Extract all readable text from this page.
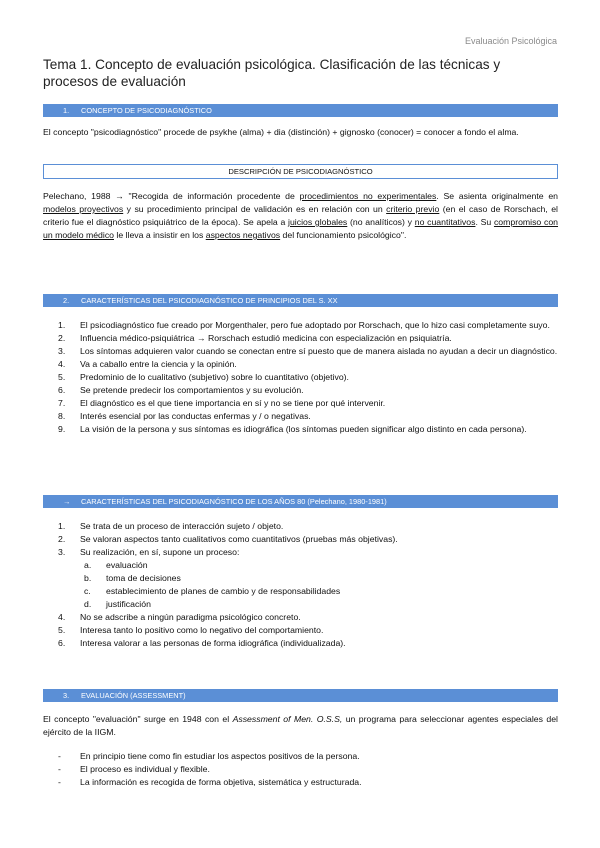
Evaluación Psicológica
Tema 1. Concepto de evaluación psicológica. Clasificación de las técnicas y procesos de evaluación
1. CONCEPTO DE PSICODIAGNÓSTICO
El concepto "psicodiagnóstico" procede de psykhe (alma) + dia (distinción) + gignosko (conocer) = conocer a fondo el alma.
DESCRIPCIÓN DE PSICODIAGNÓSTICO
Pelechano, 1988 → "Recogida de información procedente de procedimientos no experimentales. Se asienta originalmente en modelos proyectivos y su procedimiento principal de validación es en relación con un criterio previo (en el caso de Rorschach, el criterio fue el diagnóstico psiquiátrico de la época). Se apela a juicios globales (no analíticos) y no cuantitativos. Su compromiso con un modelo médico le lleva a insistir en los aspectos negativos del funcionamiento psicológico".
2. CARACTERÍSTICAS DEL PSICODIAGNÓSTICO DE PRINCIPIOS DEL S. XX
1. El psicodiagnóstico fue creado por Morgenthaler, pero fue adoptado por Rorschach, que lo hizo casi completamente suyo.
2. Influencia médico-psiquiátrica → Rorschach estudió medicina con especialización en psiquiatría.
3. Los síntomas adquieren valor cuando se conectan entre sí puesto que de manera aislada no ayudan a decir un diagnóstico.
4. Va a caballo entre la ciencia y la opinión.
5. Predominio de lo cualitativo (subjetivo) sobre lo cuantitativo (objetivo).
6. Se pretende predecir los comportamientos y su evolución.
7. El diagnóstico es el que tiene importancia en sí y no se tiene por qué intervenir.
8. Interés esencial por las conductas enfermas y / o negativas.
9. La visión de la persona y sus síntomas es idiográfica (los síntomas pueden significar algo distinto en cada persona).
→ CARACTERÍSTICAS DEL PSICODIAGNÓSTICO DE LOS AÑOS 80 (Pelechano, 1980-1981)
1. Se trata de un proceso de interacción sujeto / objeto.
2. Se valoran aspectos tanto cualitativos como cuantitativos (pruebas más objetivas).
3. Su realización, en sí, supone un proceso:
a. evaluación
b. toma de decisiones
c. establecimiento de planes de cambio y de responsabilidades
d. justificación
4. No se adscribe a ningún paradigma psicológico concreto.
5. Interesa tanto lo positivo como lo negativo del comportamiento.
6. Interesa valorar a las personas de forma idiográfica (individualizada).
3. EVALUACIÓN (ASSESSMENT)
El concepto "evaluación" surge en 1948 con el Assessment of Men. O.S.S, un programa para seleccionar agentes especiales del ejército de la IIGM.
- En principio tiene como fin estudiar los aspectos positivos de la persona.
- El proceso es individual y flexible.
- La información es recogida de forma objetiva, sistemática y estructurada.
